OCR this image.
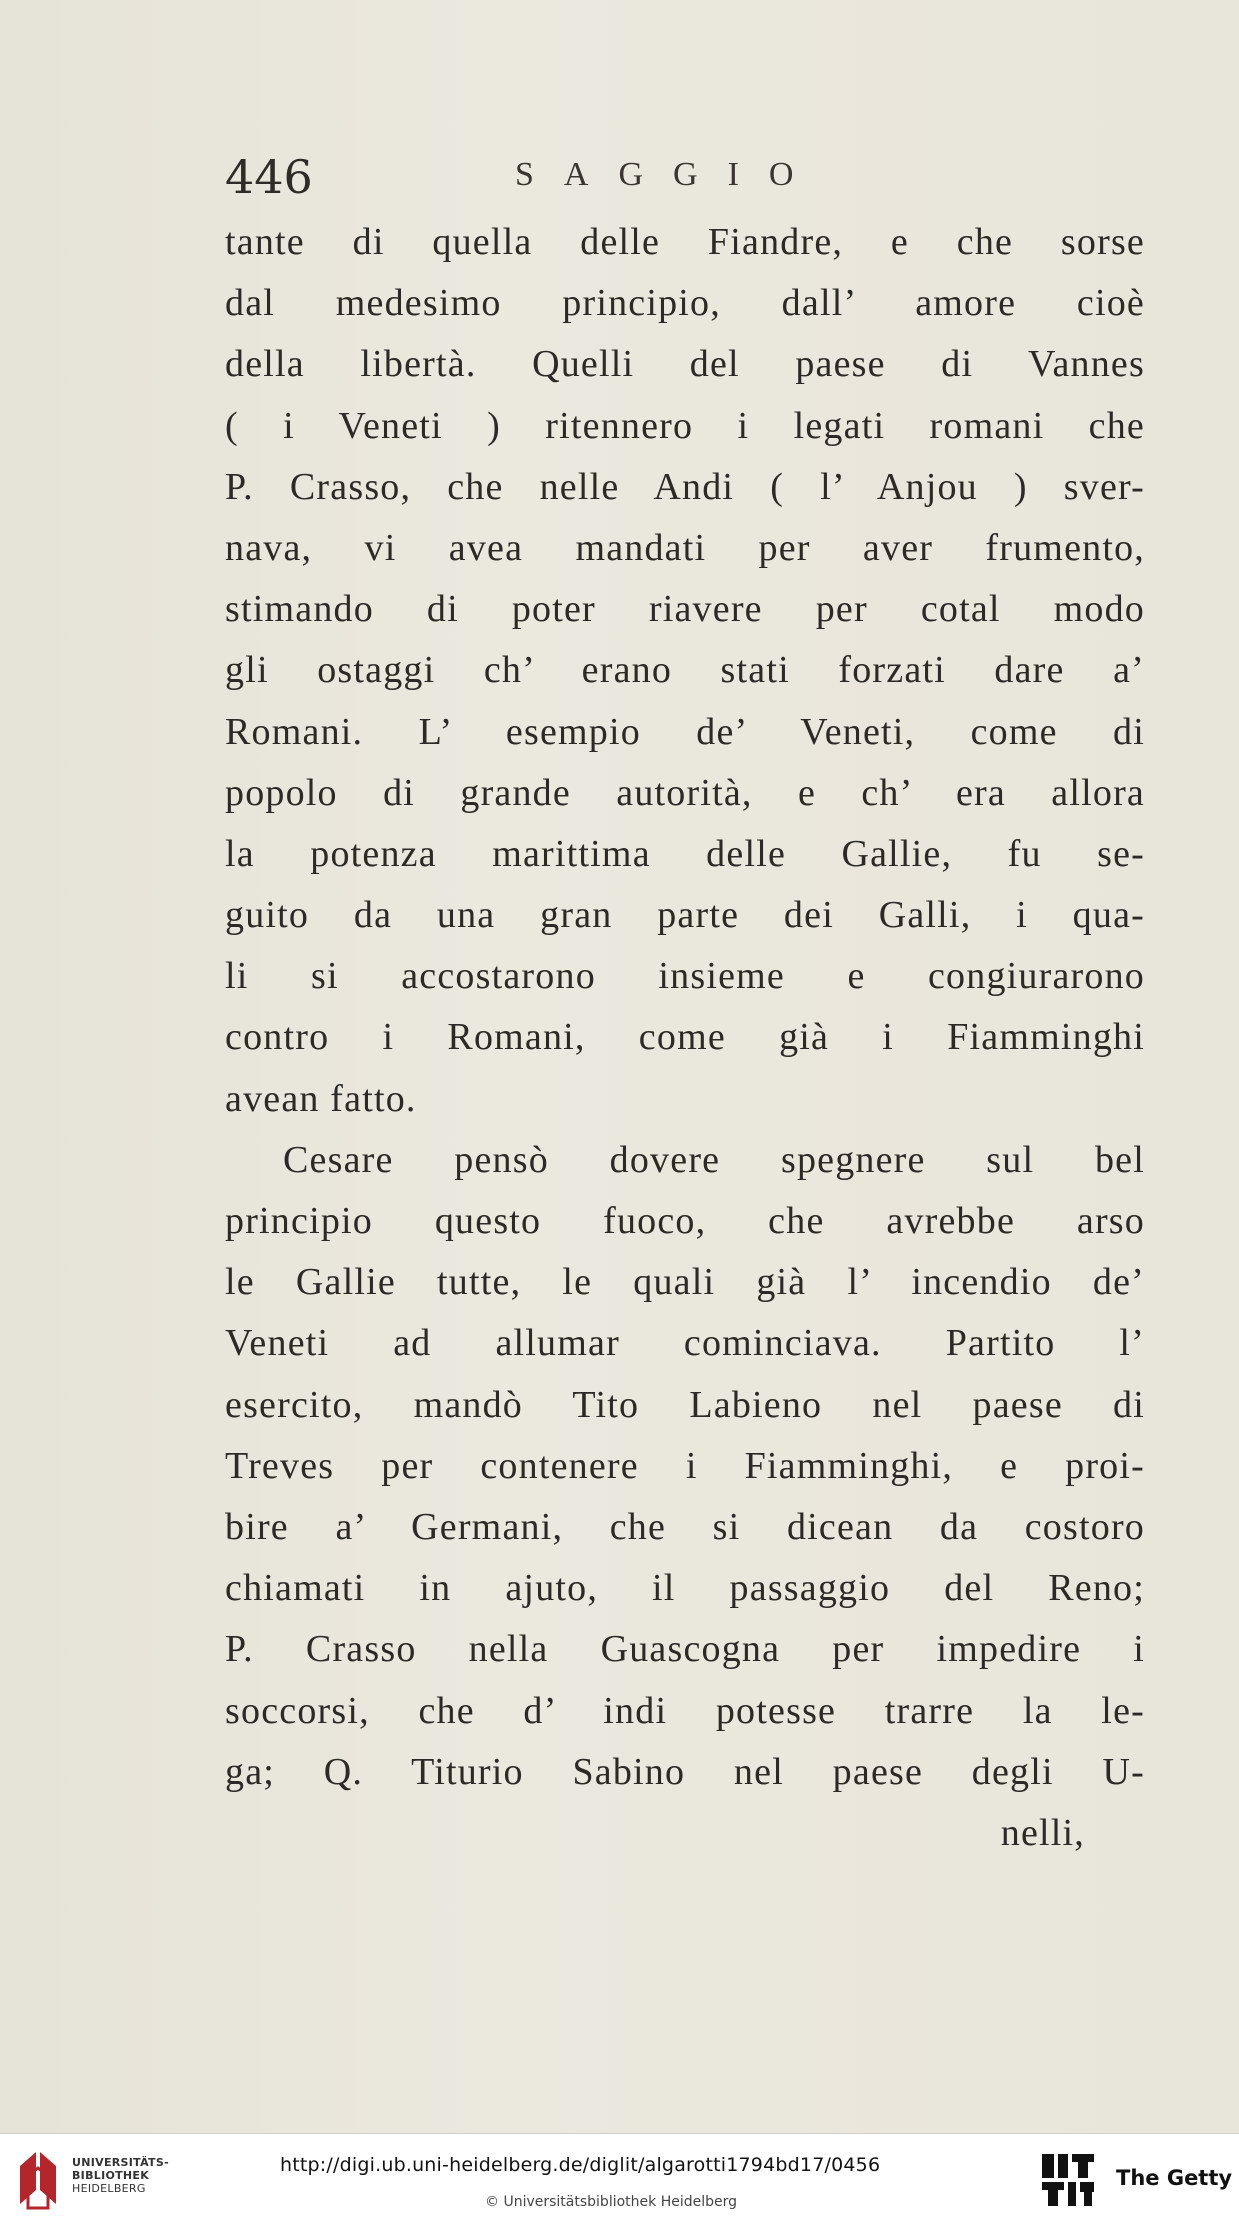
446	SAGGIO
tante di quella delle Fiandre, e che sorse
dal medesimo principio, dall’ amore cioè
della libertà. Quelli del paese di Vannes
( i Veneti ) ritennero i legati romani che
P. Crasso, che nelle Andi ( l’ Anjou ) sver-
nava, vi avea mandati per aver frumento,
stimando di poter riavere per cotal modo
gli ostaggi ch’ erano stati forzati dare a’
Romani. L’ esempio de’ Veneti, come di
popolo di grande autorità, e ch’ era allora
la potenza marittima delle Gallie, fu se-
guito da una gran parte dei Galli, i qua-
li si accostarono insieme e congiurarono
contro i Romani, come già i Fiamminghi
avean fatto.
Cesare pensò dovere spegnere sul bel
principio questo fuoco, che avrebbe arso
le Gallie tutte, le quali già l’ incendio de’
Veneti ad allumar cominciava. Partito l’
esercito, mandò Tito Labieno nel paese di
Treves per contenere i Fiamminghi, e proi-
bire a’ Germani, che si dicean da costoro
chiamati in ajuto, il passaggio del Reno;
P. Crasso nella Guascogna per impedire i
soccorsi, che d’ indi potesse trarre la le-
ga; Q. Titurio Sabino nel paese degli U-
nelli,
UNIVERSITÄTS-
BIBLIOTHEK
HEIDELBERG
http://digi.ub.uni-heidelberg.de/diglit/algarotti1794bd17/0456
© Universitätsbibliothek Heidelberg
The Getty
